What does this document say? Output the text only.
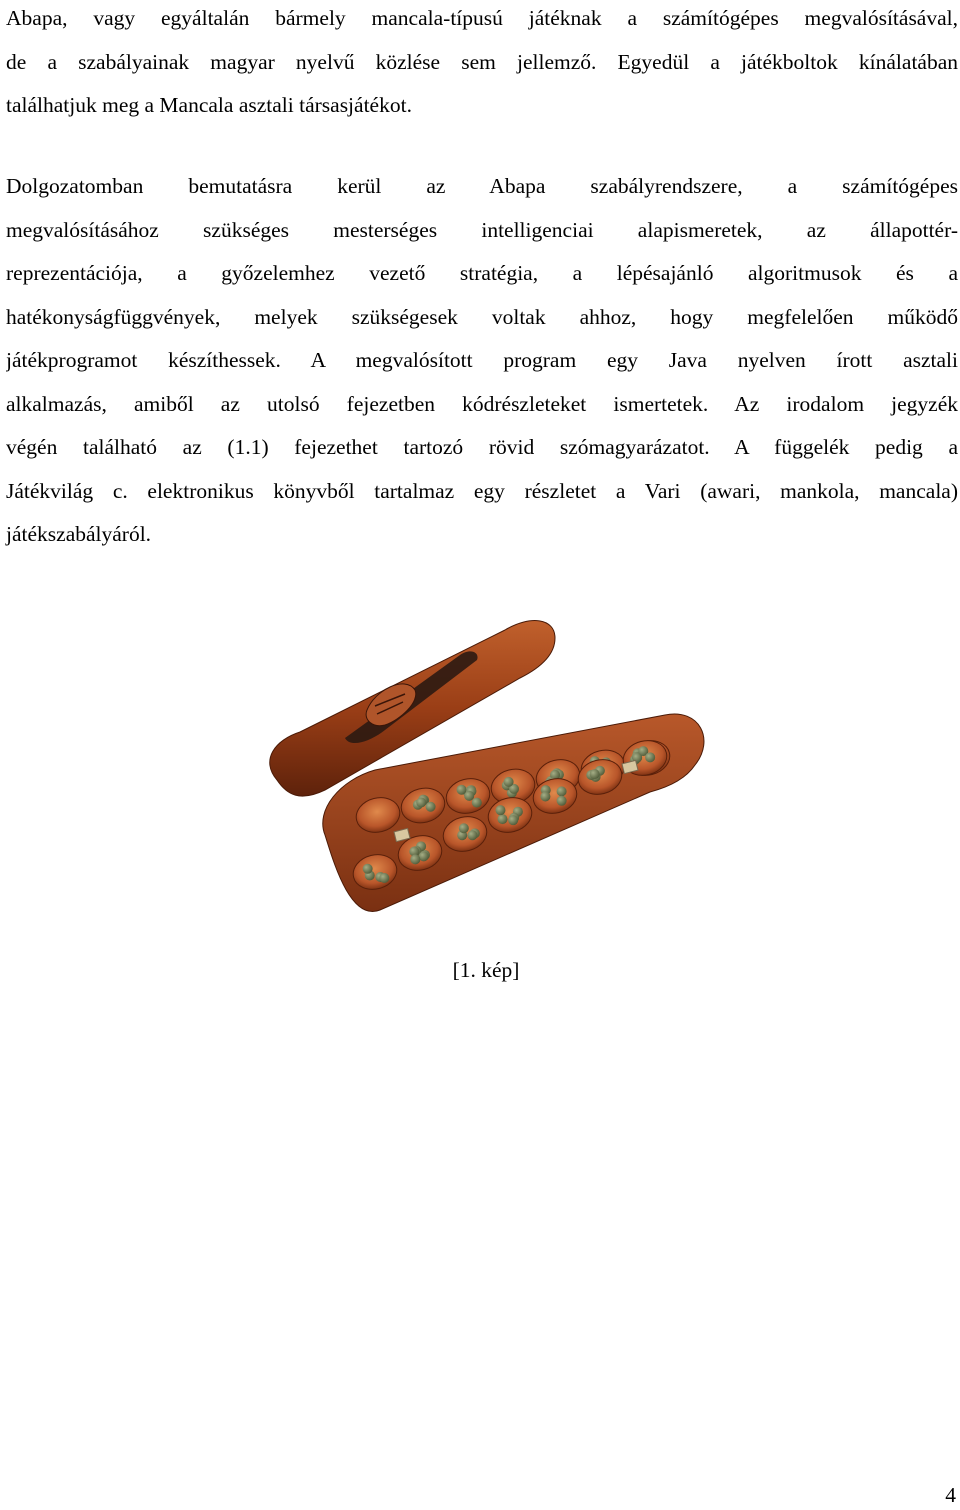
Abapa, vagy egyáltalán bármely mancala-típusú játéknak a számítógépes megvalósításával,
de a szabályainak magyar nyelvű közlése sem jellemző. Egyedül a játékboltok kínálatában
találhatjuk meg a Mancala asztali társasjátékot.
Dolgozatomban bemutatásra kerül az Abapa szabályrendszere, a számítógépes
megvalósításához szükséges mesterséges intelligenciai alapismeretek, az állapottér-
reprezentációja, a győzelemhez vezető stratégia, a lépésajánló algoritmusok és a
hatékonyságfüggvények, melyek szükségesek voltak ahhoz, hogy megfelelően működő
játékprogramot készíthessek. A megvalósított program egy Java nyelven írott asztali
alkalmazás, amiből az utolsó fejezetben kódrészleteket ismertetek. Az irodalom jegyzék
végén található az (1.1) fejezethet tartozó rövid szómagyarázatot. A függelék pedig a
Játékvilág c. elektronikus könyvből tartalmaz egy részletet a Vari (awari, mankola, mancala)
játékszabályáról.
[1. kép]
4
